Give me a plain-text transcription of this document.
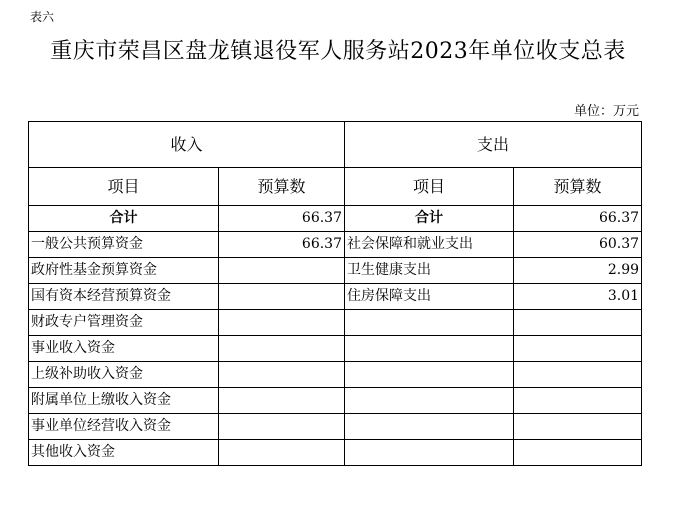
表六
重庆市荣昌区盘龙镇退役军人服务站2023年单位收支总表
单位：万元
收入		支出	
项目	预算数	项目	预算数
合计	66.37	合计	66.37
一般公共预算资金	66.37	社会保障和就业支出	60.37
政府性基金预算资金		卫生健康支出	2.99
国有资本经营预算资金		住房保障支出	3.01
财政专户管理资金			
事业收入资金			
上级补助收入资金			
附属单位上缴收入资金			
事业单位经营收入资金			
其他收入资金			
